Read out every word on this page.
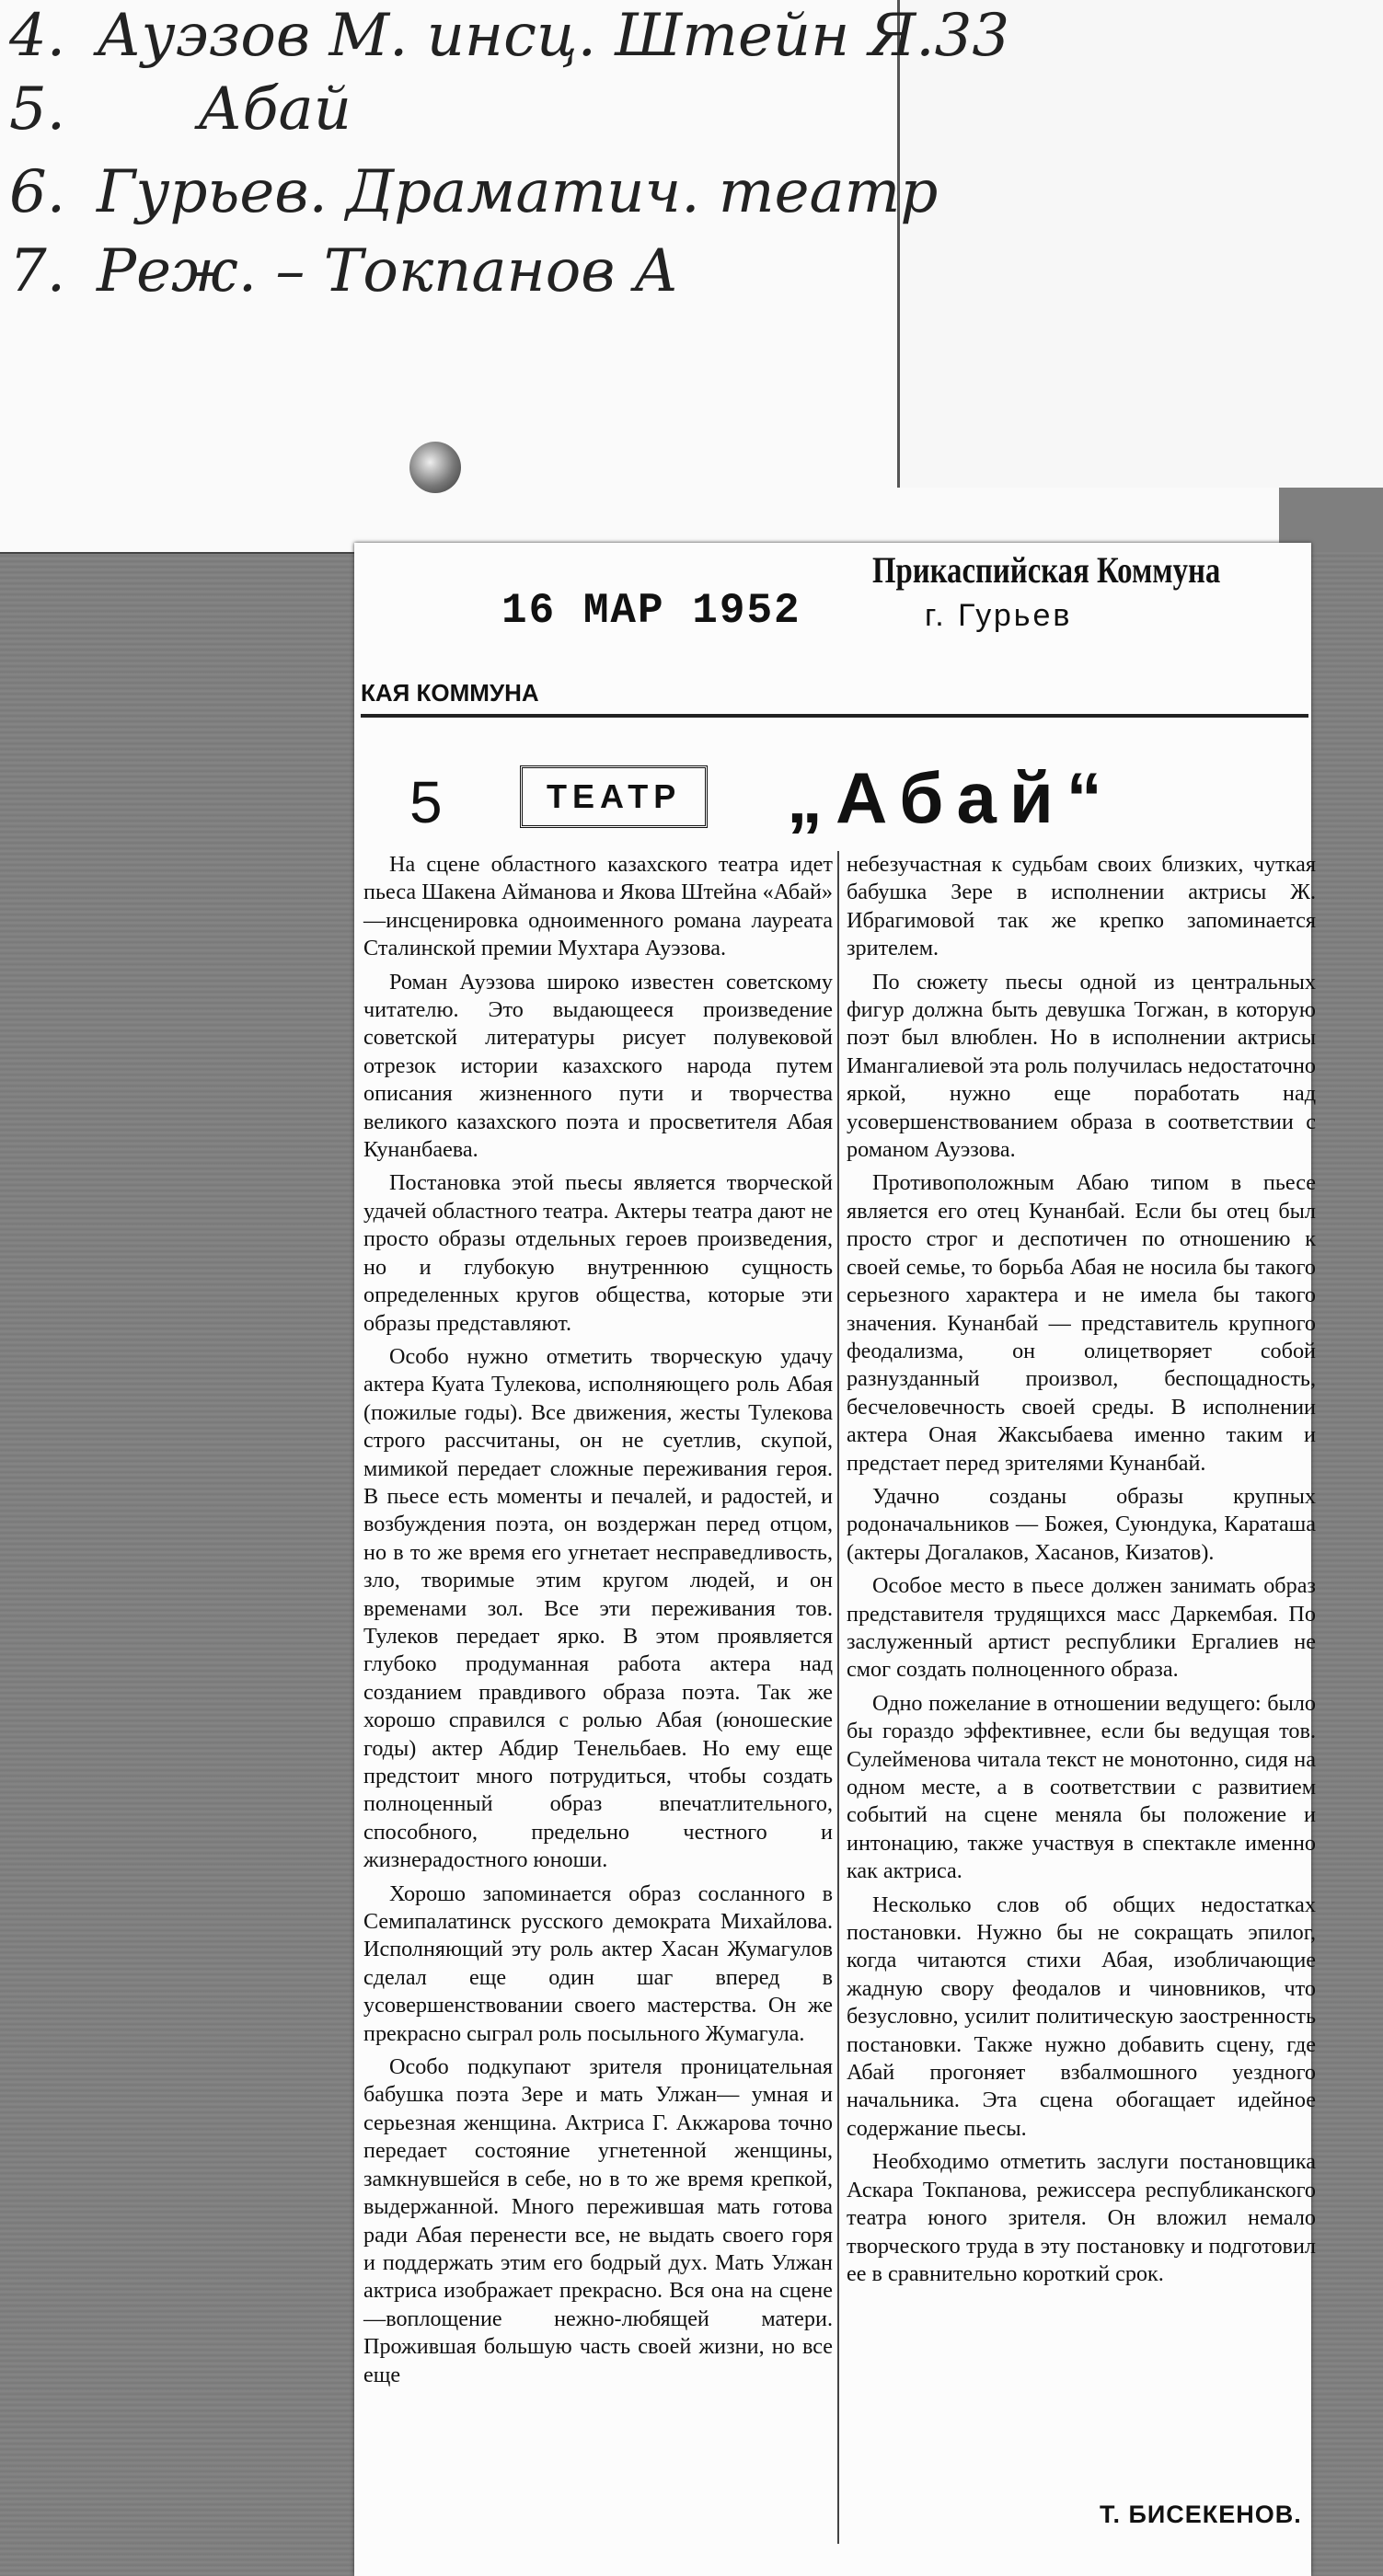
4. Ауэзов М. инсц. Штейн Я.33
5. Абай
6. Гурьев. Драматич. театр
7. Реж. – Токпанов А
16 МАР 1952
Прикаспийская Коммуна
г. Гурьев
КАЯ КОММУНА
5	ТЕАТР	„Абай“

На сцене областного казахского театра идет пьеса Шакена Айманова и Якова Штейна «Абай» —инсценировка одноименного романа лауреата Сталинской премии Мухтара Ауэзова.

Роман Ауэзова широко известен советскому читателю. Это выдающееся произведение советской литературы рисует полувековой отрезок истории казахского народа путем описания жизненного пути и творчества великого казахского поэта и просветителя Абая Кунанбаева.

Постановка этой пьесы является творческой удачей областного театра. Актеры театра дают не просто образы отдельных героев произведения, но и глубокую внутреннюю сущность определенных кругов общества, которые эти образы представляют.

Особо нужно отметить творческую удачу актера Куата Тулекова, исполняющего роль Абая (пожилые годы). Все движения, жесты Тулекова строго рассчитаны, он не суетлив, скупой, мимикой передает сложные переживания героя. В пьесе есть моменты и печалей, и радостей, и возбуждения поэта, он воздержан перед отцом, но в то же время его угнетает несправедливость, зло, творимые этим кругом людей, и он временами зол. Все эти переживания тов. Тулеков передает ярко. В этом проявляется глубоко продуманная работа актера над созданием правдивого образа поэта. Так же хорошо справился с ролью Абая (юношеские годы) актер Абдир Тенельбаев. Но ему еще предстоит много потрудиться, чтобы создать полноценный образ впечатлительного, способного, предельно честного и жизнерадостного юноши.

Хорошо запоминается образ сосланного в Семипалатинск русского демократа Михайлова. Исполняющий эту роль актер Хасан Жумагулов сделал еще один шаг вперед в усовершенствовании своего мастерства. Он же прекрасно сыграл роль посыльного Жумагула.

Особо подкупают зрителя проницательная бабушка поэта Зере и мать Улжан— умная и серьезная женщина. Актриса Г. Акжарова точно передает состояние угнетенной женщины, замкнувшейся в себе, но в то же время крепкой, выдержанной. Много пережившая мать готова ради Абая перенести все, не выдать своего горя и поддержать этим его бодрый дух. Мать Улжан актриса изображает прекрасно. Вся она на сцене —воплощение нежно-любящей матери. Прожившая большую часть своей жизни, но все еще

небезучастная к судьбам своих близких, чуткая бабушка Зере в исполнении актрисы Ж. Ибрагимовой так же крепко запоминается зрителем.

По сюжету пьесы одной из центральных фигур должна быть девушка Тогжан, в которую поэт был влюблен. Но в исполнении актрисы Имангалиевой эта роль получилась недостаточно яркой, нужно еще поработать над усовершенствованием образа в соответствии с романом Ауэзова.

Противоположным Абаю типом в пьесе является его отец Кунанбай. Если бы отец был просто строг и деспотичен по отношению к своей семье, то борьба Абая не носила бы такого серьезного характера и не имела бы такого значения. Кунанбай — представитель крупного феодализма, он олицетворяет собой разнузданный произвол, беспощадность, бесчеловечность своей среды. В исполнении актера Оная Жаксыбаева именно таким и предстает перед зрителями Кунанбай.

Удачно созданы образы крупных родоначальников — Божея, Суюндука, Караташа (актеры Догалаков, Хасанов, Кизатов).

Особое место в пьесе должен занимать образ представителя трудящихся масс Даркембая. По заслуженный артист республики Ергалиев не смог создать полноценного образа.

Одно пожелание в отношении ведущего: было бы гораздо эффективнее, если бы ведущая тов. Сулейменова читала текст не монотонно, сидя на одном месте, а в соответствии с развитием событий на сцене меняла бы положение и интонацию, также участвуя в спектакле именно как актриса.

Несколько слов об общих недостатках постановки. Нужно бы не сокращать эпилог, когда читаются стихи Абая, изобличающие жадную свору феодалов и чиновников, что безусловно, усилит политическую заостренность постановки. Также нужно добавить сцену, где Абай прогоняет взбалмошного уездного начальника. Эта сцена обогащает идейное содержание пьесы.

Необходимо отметить заслуги постановщика Аскара Токпанова, режиссера республиканского театра юного зрителя. Он вложил немало творческого труда в эту постановку и подготовил ее в сравнительно короткий срок.

Т. БИСЕКЕНОВ.
